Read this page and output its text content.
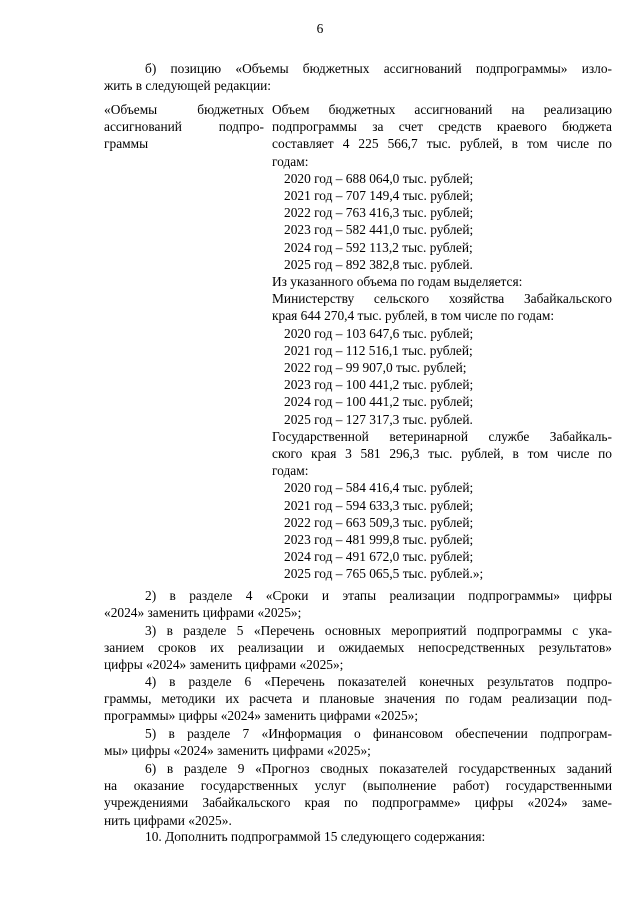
6
б) позицию «Объемы бюджетных ассигнований подпрограммы» изло-
жить в следующей редакции:
«Объемы бюджетных
ассигнований подпро-
граммы
Объем бюджетных ассигнований на реализацию
подпрограммы за счет средств краевого бюджета
составляет 4 225 566,7 тыс. рублей, в том числе по
годам:
2020 год – 688 064,0 тыс. рублей;
2021 год – 707 149,4 тыс. рублей;
2022 год – 763 416,3 тыс. рублей;
2023 год – 582 441,0 тыс. рублей;
2024 год – 592 113,2 тыс. рублей;
2025 год – 892 382,8 тыс. рублей.
Из указанного объема по годам выделяется:
Министерству сельского хозяйства Забайкальского
края 644 270,4 тыс. рублей, в том числе по годам:
2020 год – 103 647,6 тыс. рублей;
2021 год – 112 516,1 тыс. рублей;
2022 год – 99 907,0 тыс. рублей;
2023 год – 100 441,2 тыс. рублей;
2024 год – 100 441,2 тыс. рублей;
2025 год – 127 317,3 тыс. рублей.
Государственной ветеринарной службе Забайкаль-
ского края 3 581 296,3 тыс. рублей, в том числе по
годам:
2020 год – 584 416,4 тыс. рублей;
2021 год – 594 633,3 тыс. рублей;
2022 год – 663 509,3 тыс. рублей;
2023 год – 481 999,8 тыс. рублей;
2024 год – 491 672,0 тыс. рублей;
2025 год – 765 065,5 тыс. рублей.»;
2) в разделе 4 «Сроки и этапы реализации подпрограммы» цифры
«2024» заменить цифрами «2025»;
3) в разделе 5 «Перечень основных мероприятий подпрограммы с ука-
занием сроков их реализации и ожидаемых непосредственных результатов»
цифры «2024» заменить цифрами «2025»;
4) в разделе 6 «Перечень показателей конечных результатов подпро-
граммы, методики их расчета и плановые значения по годам реализации под-
программы» цифры «2024» заменить цифрами «2025»;
5) в разделе 7 «Информация о финансовом обеспечении подпрограм-
мы» цифры «2024» заменить цифрами «2025»;
6) в разделе 9 «Прогноз сводных показателей государственных заданий
на оказание государственных услуг (выполнение работ) государственными
учреждениями Забайкальского края по подпрограмме» цифры «2024» заме-
нить цифрами «2025».
10. Дополнить подпрограммой 15 следующего содержания:
